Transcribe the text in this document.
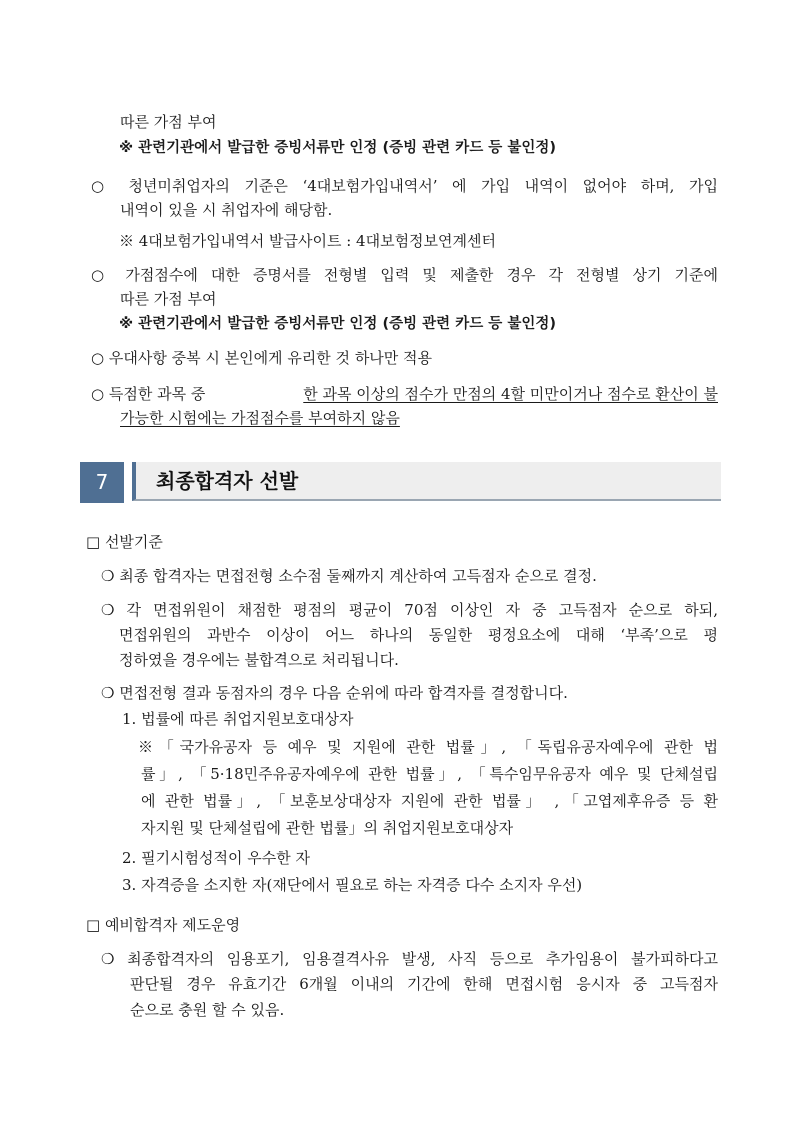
따른 가점 부여
※ 관련기관에서 발급한 증빙서류만 인정 (증빙 관련 카드 등 불인정)
○ 청년미취업자의 기준은 ‘4대보험가입내역서’ 에 가입 내역이 없어야 하며, 가입
내역이 있을 시 취업자에 해당함.
※ 4대보험가입내역서 발급사이트 : 4대보험정보연계센터
○ 가점점수에 대한 증명서를 전형별 입력 및 제출한 경우 각 전형별 상기 기준에
따른 가점 부여
※ 관련기관에서 발급한 증빙서류만 인정 (증빙 관련 카드 등 불인정)
○ 우대사항 중복 시 본인에게 유리한 것 하나만 적용
○ 득점한 과목 중	한 과목 이상의 점수가 만점의 4할 미만이거나 점수로 환산이 불
가능한 시험에는 가점점수를 부여하지 않음
7	최종합격자 선발
□ 선발기준
❍ 최종 합격자는 면접전형 소수점 둘째까지 계산하여 고득점자 순으로 결정.
❍ 각 면접위원이 채점한 평점의 평균이 70점 이상인 자 중 고득점자 순으로 하되,
면접위원의 과반수 이상이 어느 하나의 동일한 평정요소에 대해 ‘부족’으로 평
정하였을 경우에는 불합격으로 처리됩니다.
❍ 면접전형 결과 동점자의 경우 다음 순위에 따라 합격자를 결정합니다.
1. 법률에 따른 취업지원보호대상자
※「국가유공자 등 예우 및 지원에 관한 법률」, 「독립유공자예우에 관한 법
률」, 「5·18민주유공자예우에 관한 법률」, 「특수임무유공자 예우 및 단체설립
에 관한 법률」, 「보훈보상대상자 지원에 관한 법률」 ,「고엽제후유증 등 환
자지원 및 단체설립에 관한 법률」의 취업지원보호대상자
2. 필기시험성적이 우수한 자
3. 자격증을 소지한 자(재단에서 필요로 하는 자격증 다수 소지자 우선)
□ 예비합격자 제도운영
❍ 최종합격자의 임용포기, 임용결격사유 발생, 사직 등으로 추가임용이 불가피하다고
판단될 경우 유효기간 6개월 이내의 기간에 한해 면접시험 응시자 중 고득점자
순으로 충원 할 수 있음.
